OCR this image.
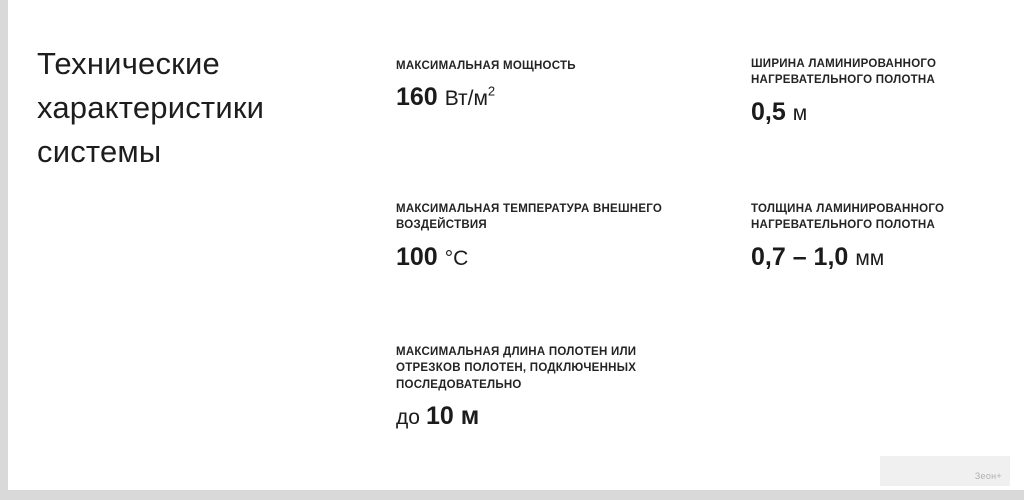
Технические характеристики системы
МАКСИМАЛЬНАЯ МОЩНОСТЬ
160 $Вт/м^2$
МАКСИМАЛЬНАЯ ТЕМПЕРАТУРА ВНЕШНЕГО ВОЗДЕЙСТВИЯ
100 °С
МАКСИМАЛЬНАЯ ДЛИНА ПОЛОТЕН ИЛИ ОТРЕЗКОВ ПОЛОТЕН, ПОДКЛЮЧЕННЫХ ПОСЛЕДОВАТЕЛЬНО
до 10 м
ШИРИНА ЛАМИНИРОВАННОГО НАГРЕВАТЕЛЬНОГО ПОЛОТНА
0,5 м
ТОЛЩИНА ЛАМИНИРОВАННОГО НАГРЕВАТЕЛЬНОГО ПОЛОТНА
0,7 – 1,0 мм
Зеон+
